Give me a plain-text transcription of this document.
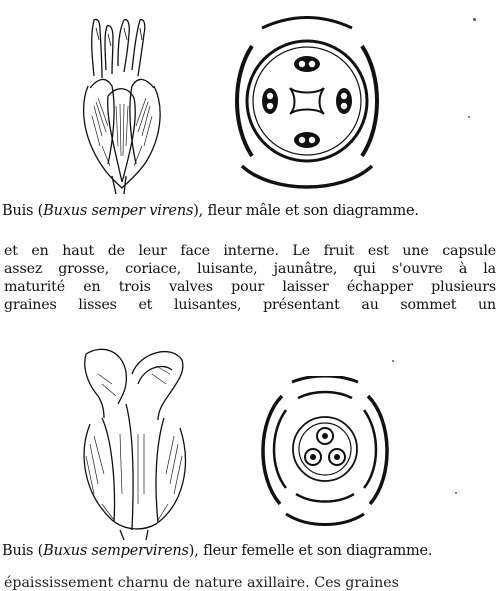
Buis (Buxus semper virens), fleur mâle et son diagramme.
et en haut de leur face interne. Le fruit est une capsule
assez grosse, coriace, luisante, jaunâtre, qui s'ouvre à la
maturité en trois valves pour laisser échapper plusieurs
graines lisses et luisantes, présentant au sommet un
Buis (Buxus sempervirens), fleur femelle et son diagramme.
épaississement charnu de nature axillaire. Ces graines
